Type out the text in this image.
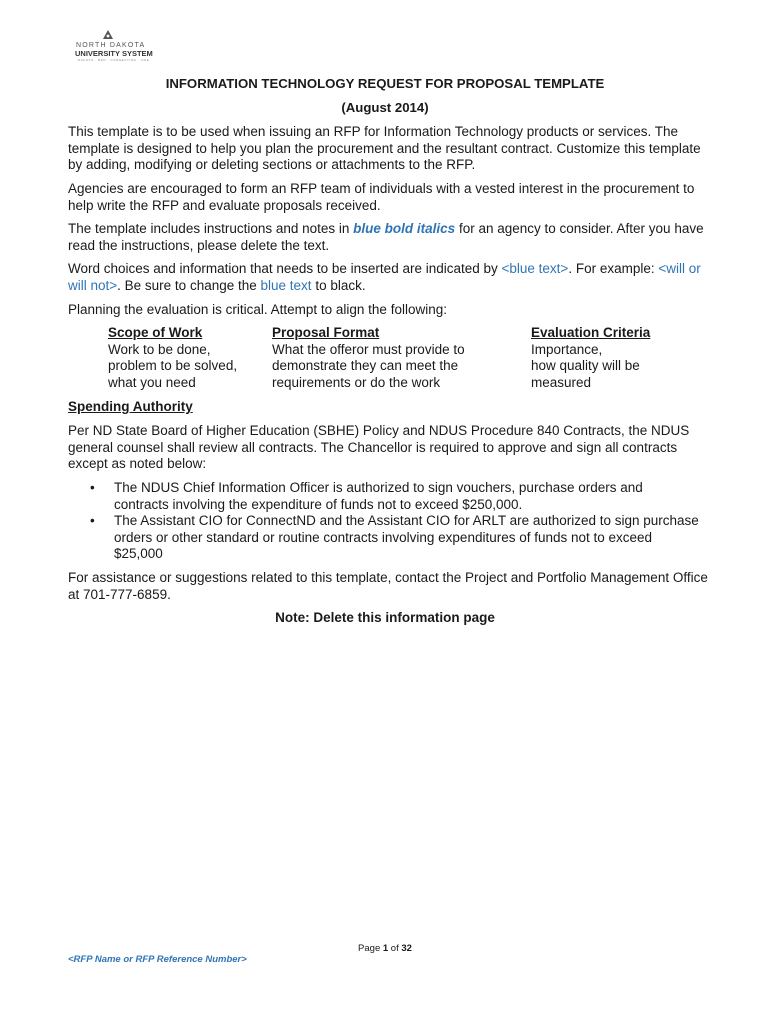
NORTH DAKOTA
UNIVERSITY SYSTEM
DAKOTA · BEN · CONNECTING · ONE
INFORMATION TECHNOLOGY REQUEST FOR PROPOSAL TEMPLATE
(August 2014)
This template is to be used when issuing an RFP for Information Technology products or services. The template is designed to help you plan the procurement and the resultant contract. Customize this template by adding, modifying or deleting sections or attachments to the RFP.
Agencies are encouraged to form an RFP team of individuals with a vested interest in the procurement to help write the RFP and evaluate proposals received.
The template includes instructions and notes in blue bold italics for an agency to consider. After you have read the instructions, please delete the text.
Word choices and information that needs to be inserted are indicated by <blue text>. For example: <will or will not>. Be sure to change the blue text to black.
Planning the evaluation is critical. Attempt to align the following:
Scope of Work
Work to be done,
problem to be solved,
what you need
Proposal Format
What the offeror must provide to
demonstrate they can meet the
requirements or do the work
Evaluation Criteria
Importance,
how quality will be
measured
Spending Authority
Per ND State Board of Higher Education (SBHE) Policy and NDUS Procedure 840 Contracts, the NDUS general counsel shall review all contracts. The Chancellor is required to approve and sign all contracts except as noted below:
• The NDUS Chief Information Officer is authorized to sign vouchers, purchase orders and contracts involving the expenditure of funds not to exceed $250,000.
• The Assistant CIO for ConnectND and the Assistant CIO for ARLT are authorized to sign purchase orders or other standard or routine contracts involving expenditures of funds not to exceed $25,000
For assistance or suggestions related to this template, contact the Project and Portfolio Management Office at 701-777-6859.
Note: Delete this information page
Page 1 of 32
<RFP Name or RFP Reference Number>
